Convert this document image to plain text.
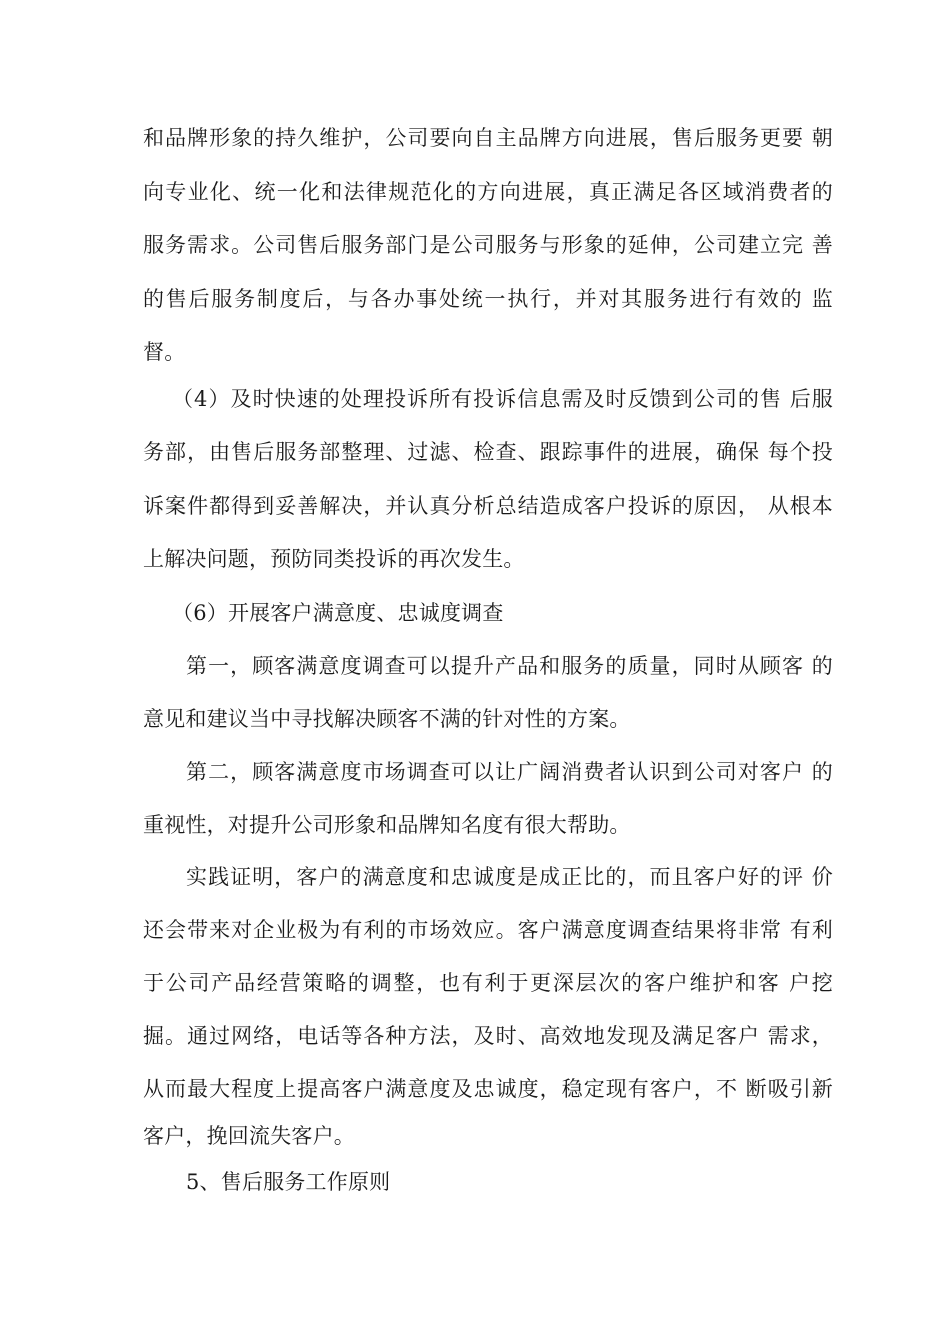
和品牌形象的持久维护，公司要向自主品牌方向进展，售后服务更要 朝
向专业化、统一化和法律规范化的方向进展，真正满足各区域消费者的
服务需求。公司售后服务部门是公司服务与形象的延伸，公司建立完 善
的售后服务制度后，与各办事处统一执行，并对其服务进行有效的 监
督。
（4）及时快速的处理投诉所有投诉信息需及时反馈到公司的售 后服
务部，由售后服务部整理、过滤、检查、跟踪事件的进展，确保 每个投
诉案件都得到妥善解决，并认真分析总结造成客户投诉的原因， 从根本
上解决问题，预防同类投诉的再次发生。
（6）开展客户满意度、忠诚度调查
第一，顾客满意度调查可以提升产品和服务的质量，同时从顾客 的
意见和建议当中寻找解决顾客不满的针对性的方案。
第二，顾客满意度市场调查可以让广阔消费者认识到公司对客户 的
重视性，对提升公司形象和品牌知名度有很大帮助。
实践证明，客户的满意度和忠诚度是成正比的，而且客户好的评 价
还会带来对企业极为有利的市场效应。客户满意度调查结果将非常 有利
于公司产品经营策略的调整，也有利于更深层次的客户维护和客 户挖
掘。通过网络，电话等各种方法，及时、高效地发现及满足客户 需求，
从而最大程度上提高客户满意度及忠诚度，稳定现有客户，不 断吸引新
客户，挽回流失客户。
5、售后服务工作原则
